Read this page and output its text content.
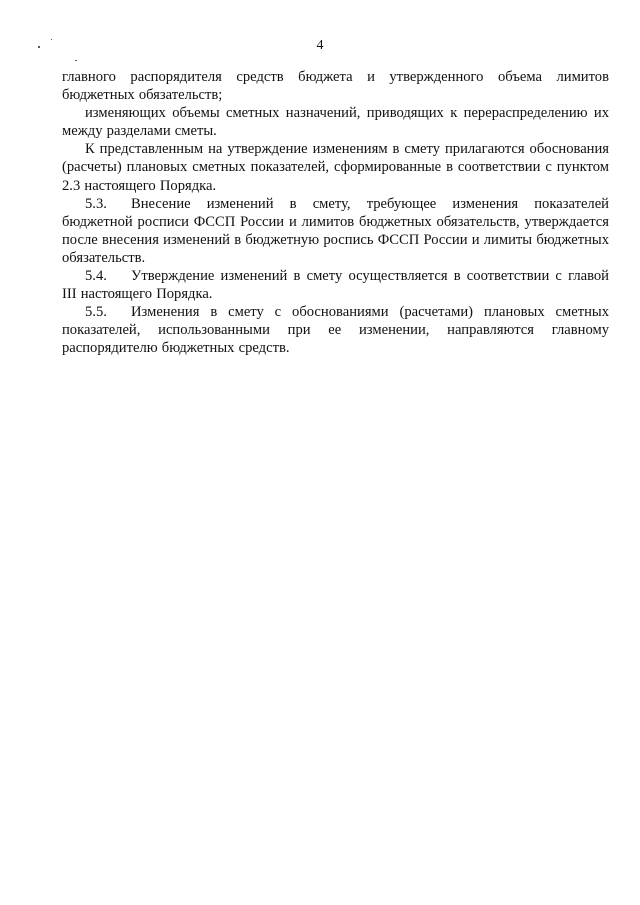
4

главного распорядителя средств бюджета и утвержденного объема лимитов бюджетных обязательств;

изменяющих объемы сметных назначений, приводящих к перераспределению их между разделами сметы.

К представленным на утверждение изменениям в смету прилагаются обоснования (расчеты) плановых сметных показателей, сформированные в соответствии с пунктом 2.3 настоящего Порядка.

5.3. Внесение изменений в смету, требующее изменения показателей бюджетной росписи ФССП России и лимитов бюджетных обязательств, утверждается после внесения изменений в бюджетную роспись ФССП России и лимиты бюджетных обязательств.

5.4. Утверждение изменений в смету осуществляется в соответствии с главой III настоящего Порядка.

5.5. Изменения в смету с обоснованиями (расчетами) плановых сметных показателей, использованными при ее изменении, направляются главному распорядителю бюджетных средств.
